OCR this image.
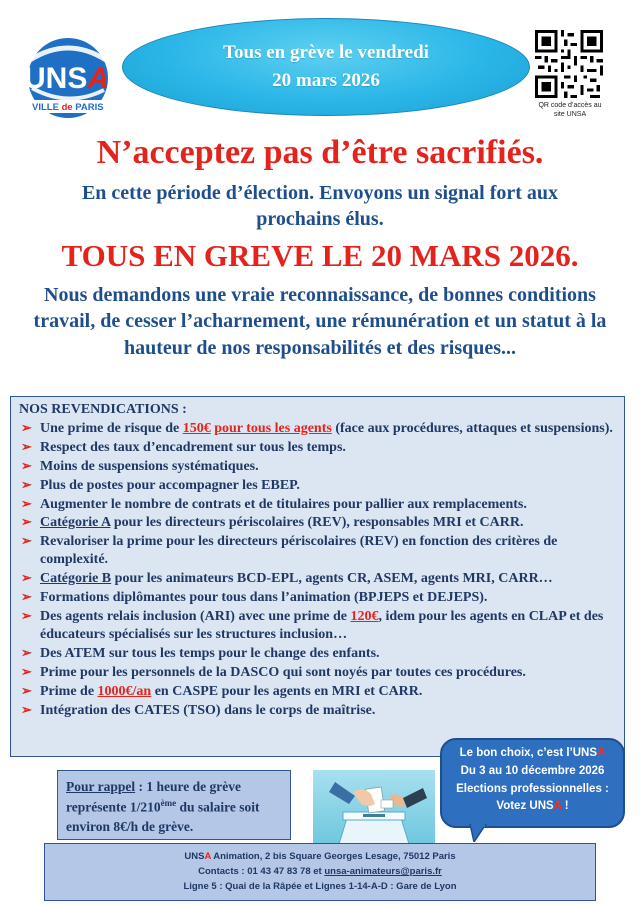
UNSA
VILLE de PARIS
Tous en grève le vendredi
20 mars 2026
QR code d’accès au
site UNSA
N’acceptez pas d’être sacrifiés.
En cette période d’élection. Envoyons un signal fort aux prochains élus.
TOUS EN GREVE LE 20 MARS 2026.
Nous demandons une vraie reconnaissance, de bonnes conditions travail, de cesser l’acharnement, une rémunération et un statut à la hauteur de nos responsabilités et des risques...
NOS REVENDICATIONS :
➢ Une prime de risque de 150€ pour tous les agents (face aux procédures, attaques et suspensions).
➢ Respect des taux d’encadrement sur tous les temps.
➢ Moins de suspensions systématiques.
➢ Plus de postes pour accompagner les EBEP.
➢ Augmenter le nombre de contrats et de titulaires pour pallier aux remplacements.
➢ Catégorie A pour les directeurs périscolaires (REV), responsables MRI et CARR.
➢ Revaloriser la prime pour les directeurs périscolaires (REV) en fonction des critères de complexité.
➢ Catégorie B pour les animateurs BCD-EPL, agents CR, ASEM, agents MRI, CARR…
➢ Formations diplômantes pour tous dans l’animation (BPJEPS et DEJEPS).
➢ Des agents relais inclusion (ARI) avec une prime de 120€, idem pour les agents en CLAP et des éducateurs spécialisés sur les structures inclusion…
➢ Des ATEM sur tous les temps pour le change des enfants.
➢ Prime pour les personnels de la DASCO qui sont noyés par toutes ces procédures.
➢ Prime de 1000€/an en CASPE pour les agents en MRI et CARR.
➢ Intégration des CATES (TSO) dans le corps de maîtrise.
Pour rappel : 1 heure de grève représente 1/210ème du salaire soit environ 8€/h de grève.
Le bon choix, c’est l’UNSA
Du 3 au 10 décembre 2026
Elections professionnelles :
Votez UNSA !
UNSA Animation, 2 bis Square Georges Lesage, 75012 Paris
Contacts : 01 43 47 83 78 et unsa-animateurs@paris.fr
Ligne 5 : Quai de la Râpée et Lignes 1-14-A-D : Gare de Lyon
